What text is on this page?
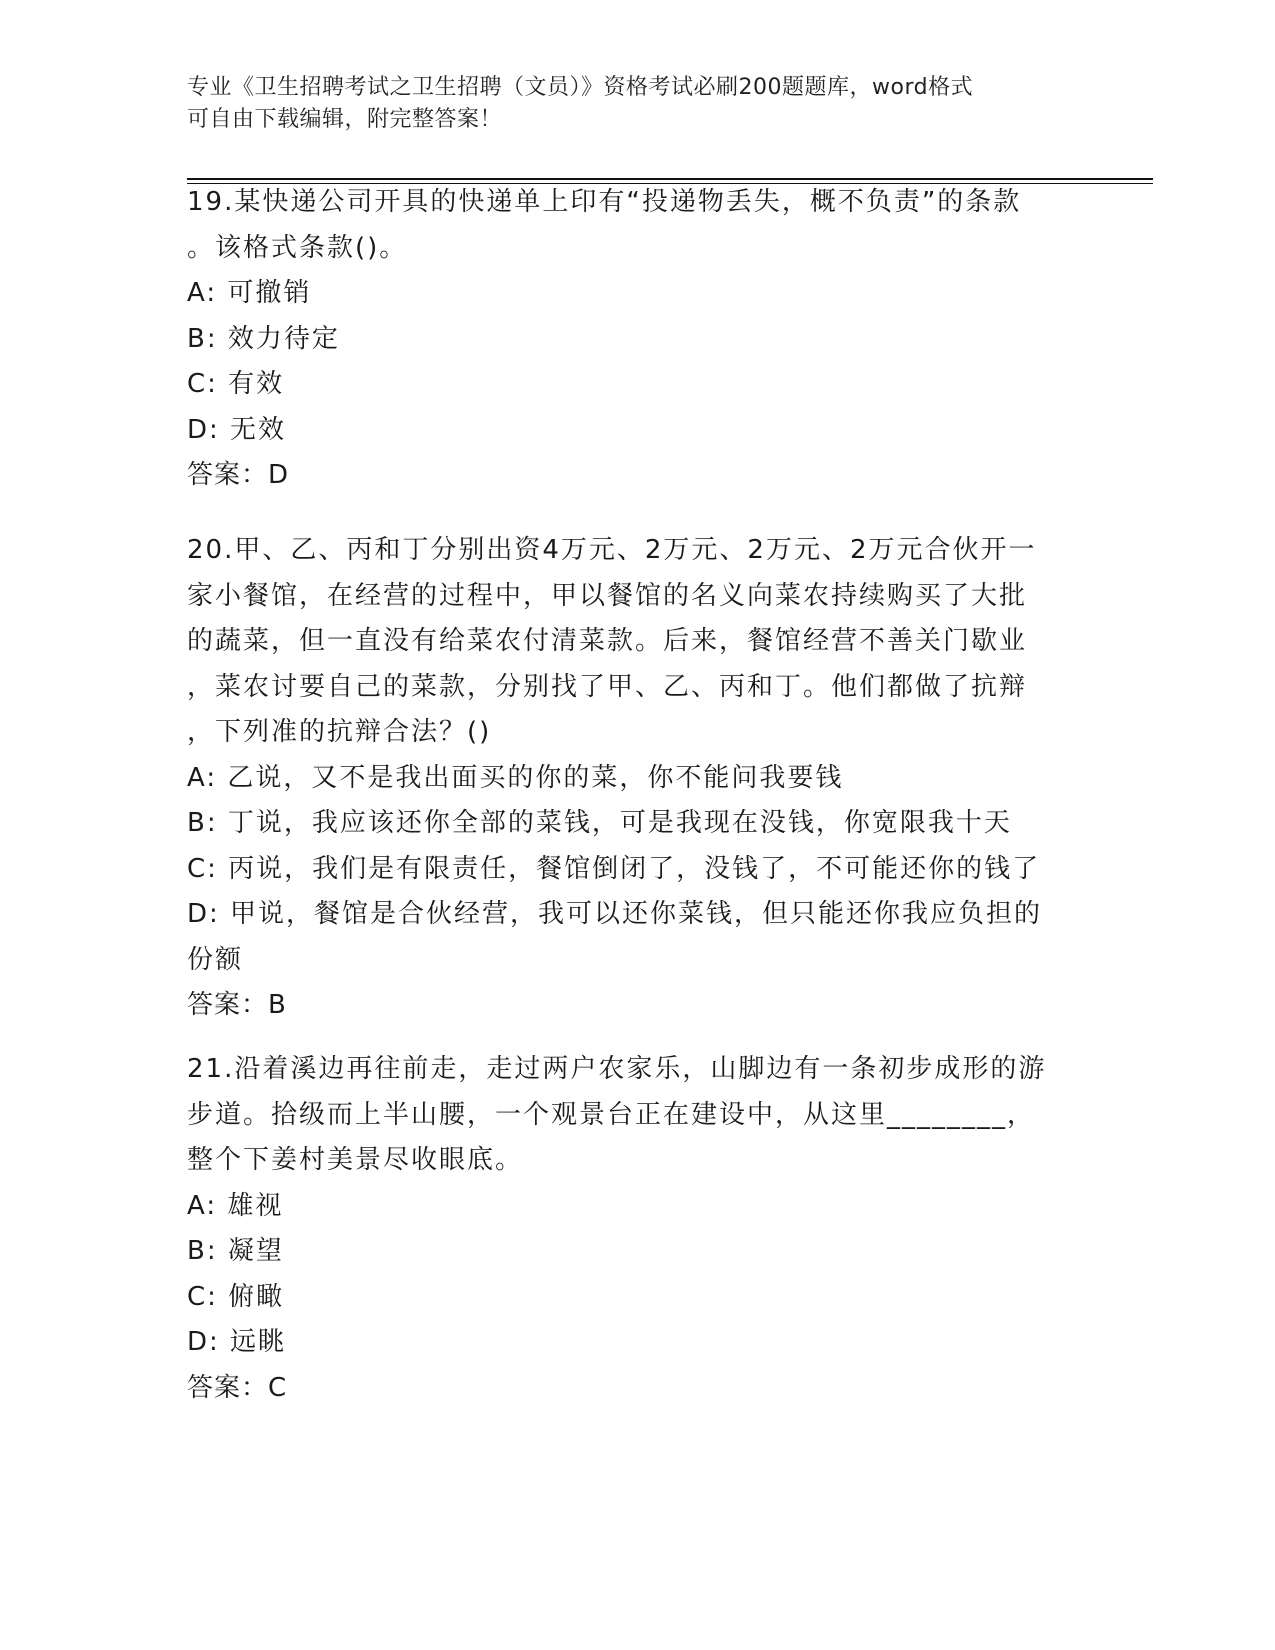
专业《卫生招聘考试之卫生招聘（文员）》资格考试必刷200题题库，word格式
可自由下载编辑，附完整答案！
19.某快递公司开具的快递单上印有“投递物丢失，概不负责”的条款
。该格式条款()。
A: 可撤销
B: 效力待定
C: 有效
D: 无效
答案：D
20.甲、乙、丙和丁分别出资4万元、2万元、2万元、2万元合伙开一
家小餐馆，在经营的过程中，甲以餐馆的名义向菜农持续购买了大批
的蔬菜，但一直没有给菜农付清菜款。后来，餐馆经营不善关门歇业
，菜农讨要自己的菜款，分别找了甲、乙、丙和丁。他们都做了抗辩
，下列准的抗辩合法？()
A: 乙说，又不是我出面买的你的菜，你不能问我要钱
B: 丁说，我应该还你全部的菜钱，可是我现在没钱，你宽限我十天
C: 丙说，我们是有限责任，餐馆倒闭了，没钱了，不可能还你的钱了
D: 甲说，餐馆是合伙经营，我可以还你菜钱，但只能还你我应负担的
份额
答案：B
21.沿着溪边再往前走，走过两户农家乐，山脚边有一条初步成形的游
步道。拾级而上半山腰，一个观景台正在建设中，从这里________，
整个下姜村美景尽收眼底。
A: 雄视
B: 凝望
C: 俯瞰
D: 远眺
答案：C
